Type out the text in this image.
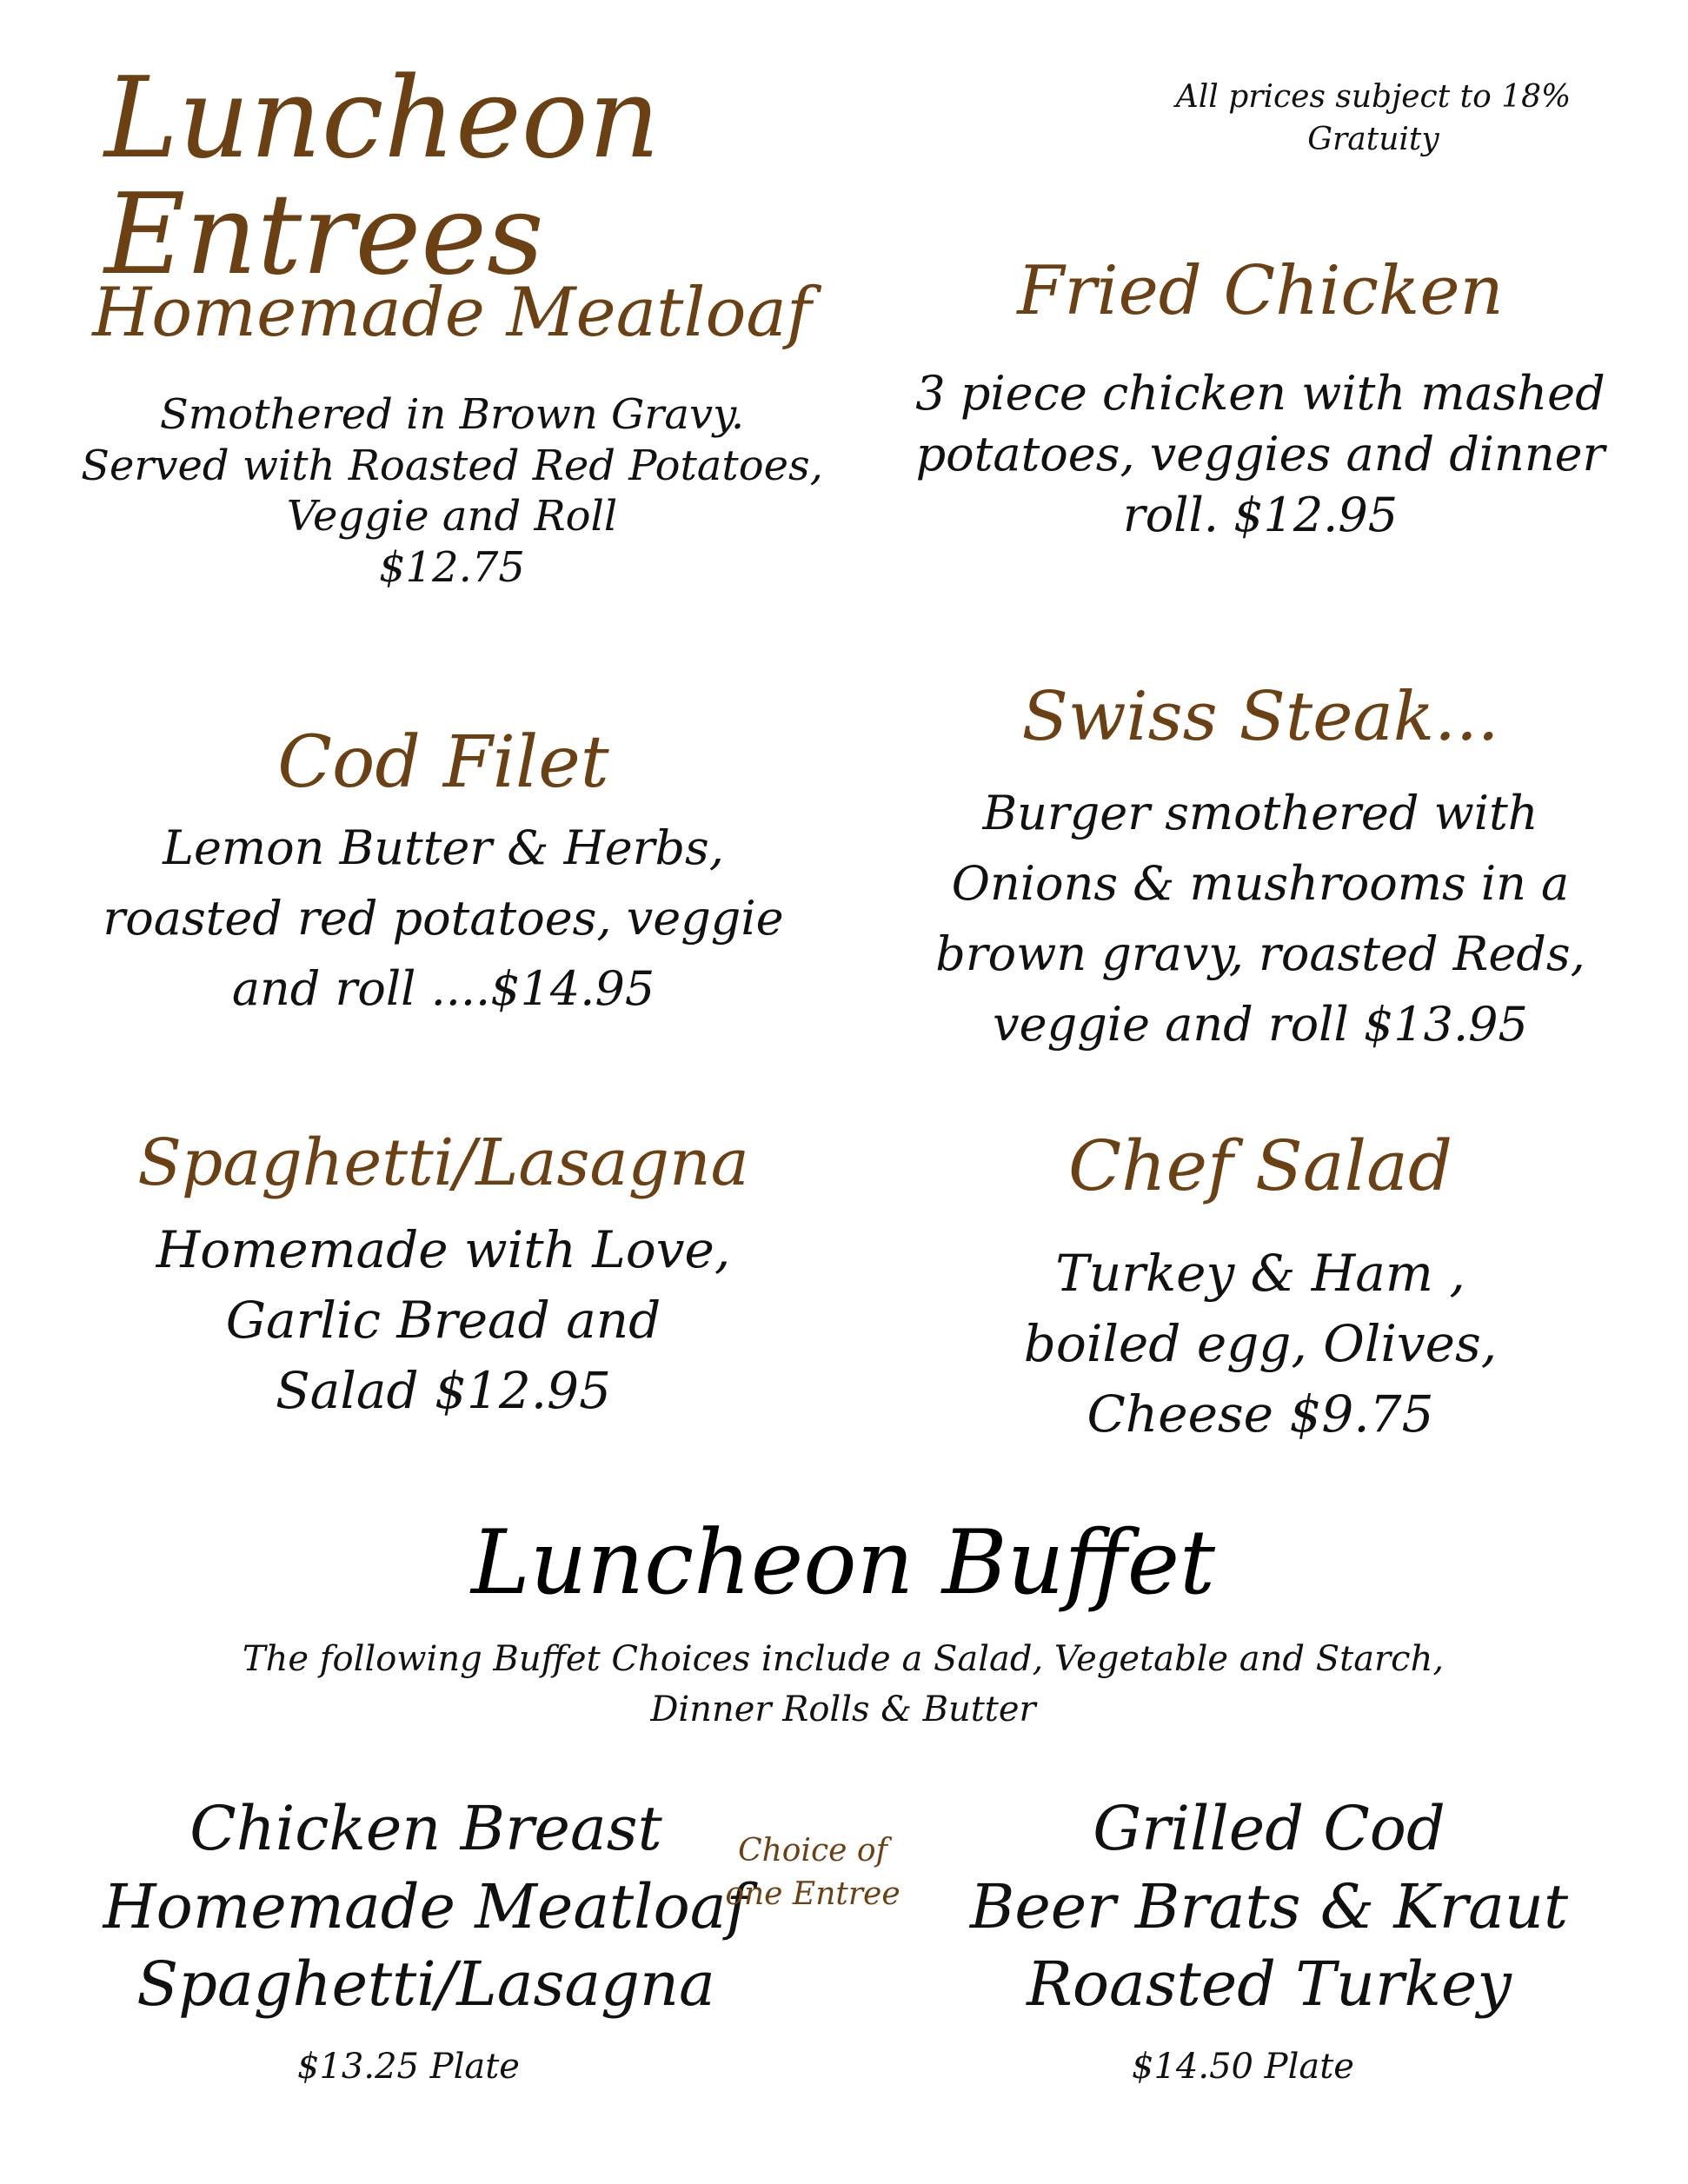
Luncheon Entrees
All prices subject to 18%
Gratuity
Homemade Meatloaf
Smothered in Brown Gravy.
Served with Roasted Red Potatoes,
Veggie and Roll
$12.75
Fried Chicken
3 piece chicken with mashed
potatoes, veggies and dinner
roll. $12.95
Cod Filet
Lemon Butter & Herbs,
roasted red potatoes, veggie
and roll ....$14.95
Swiss Steak...
Burger smothered with
Onions & mushrooms in a
brown gravy, roasted Reds,
veggie and roll $13.95
Spaghetti/Lasagna
Homemade with Love,
Garlic Bread and
Salad $12.95
Chef Salad
Turkey & Ham ,
boiled egg, Olives,
Cheese $9.75
Luncheon Buffet
The following Buffet Choices include a Salad, Vegetable and Starch,
Dinner Rolls & Butter
Chicken Breast
Homemade Meatloaf
Spaghetti/Lasagna
Choice of
one Entree
Grilled Cod
Beer Brats & Kraut
Roasted Turkey
$13.25 Plate	$14.50 Plate
